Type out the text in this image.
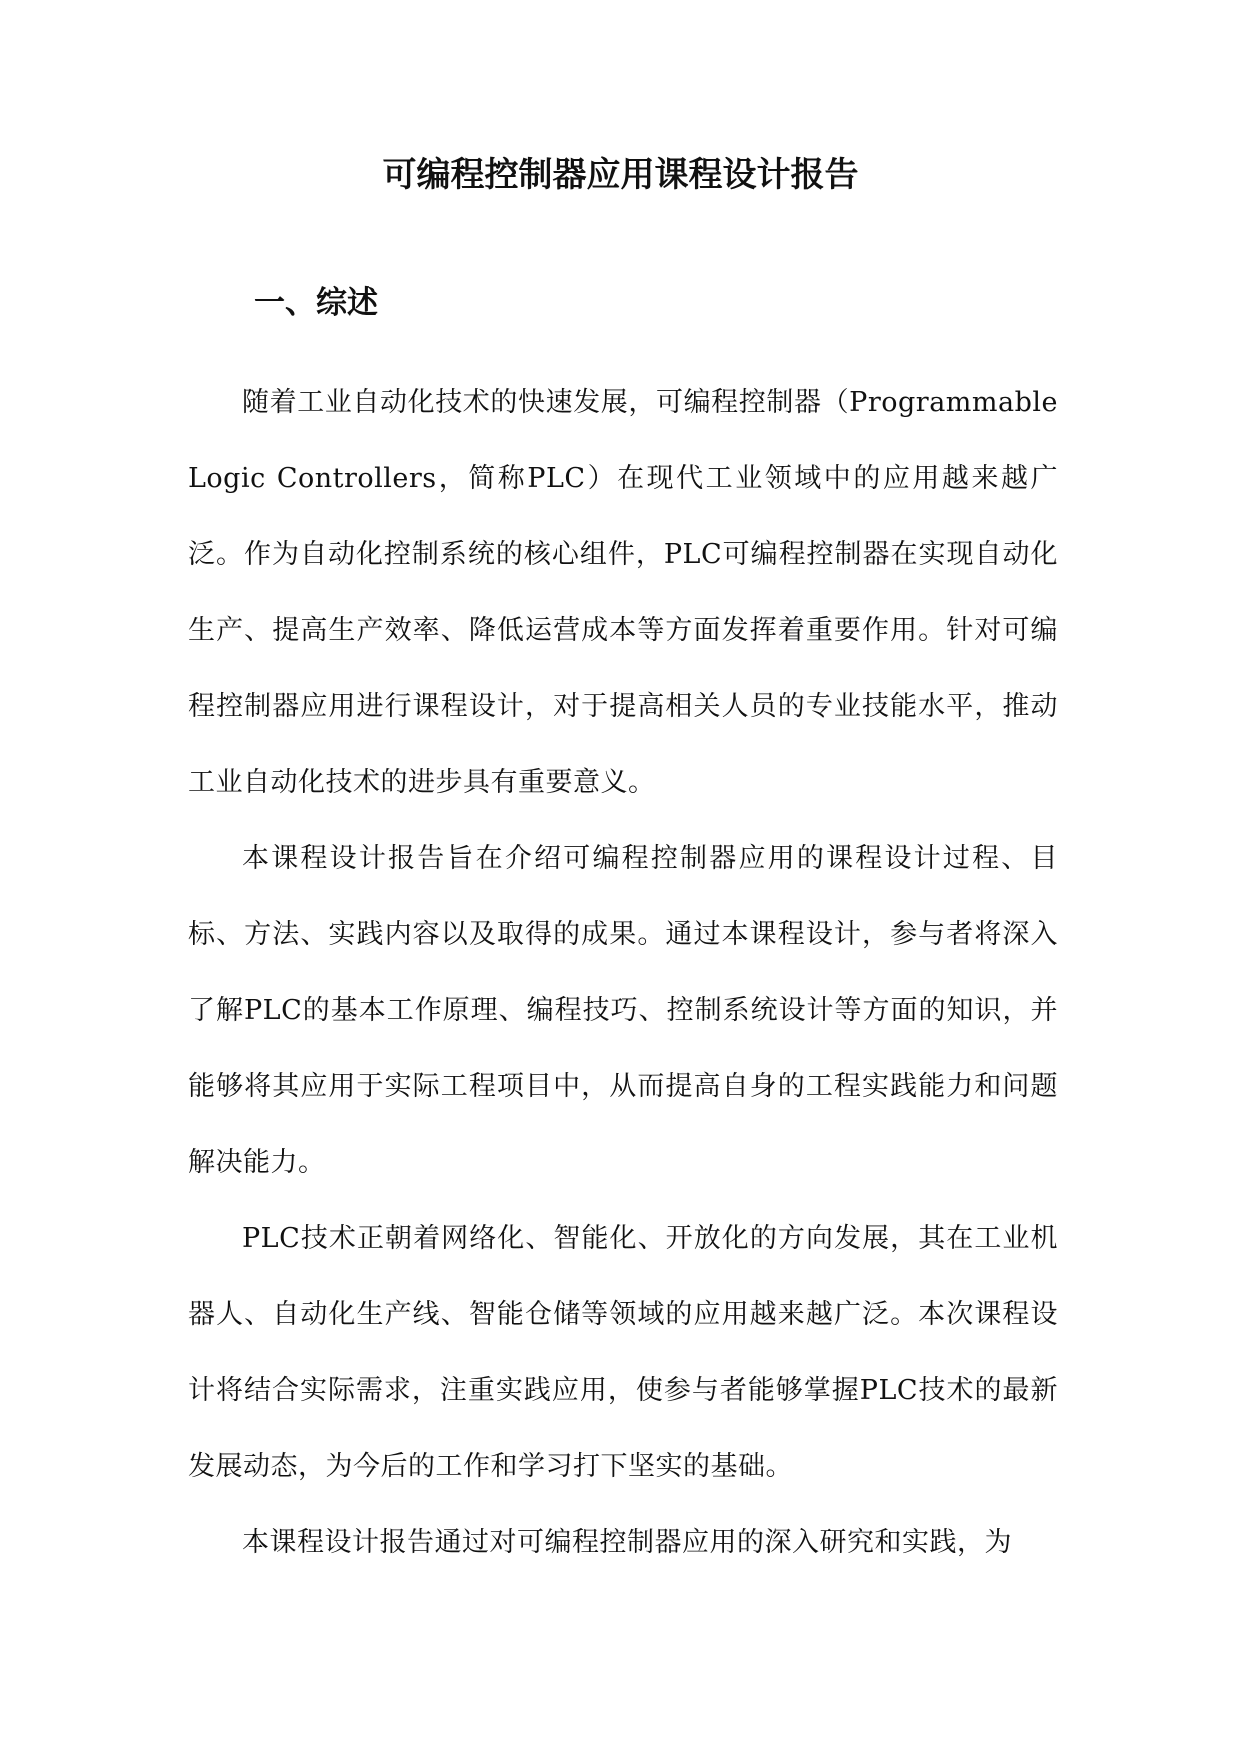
可编程控制器应用课程设计报告
一、综述

随着工业自动化技术的快速发展，可编程控制器（Programmable Logic Controllers，简称PLC）在现代工业领域中的应用越来越广泛。作为自动化控制系统的核心组件，PLC可编程控制器在实现自动化生产、提高生产效率、降低运营成本等方面发挥着重要作用。针对可编程控制器应用进行课程设计，对于提高相关人员的专业技能水平，推动工业自动化技术的进步具有重要意义。

本课程设计报告旨在介绍可编程控制器应用的课程设计过程、目标、方法、实践内容以及取得的成果。通过本课程设计，参与者将深入了解PLC的基本工作原理、编程技巧、控制系统设计等方面的知识，并能够将其应用于实际工程项目中，从而提高自身的工程实践能力和问题解决能力。

PLC技术正朝着网络化、智能化、开放化的方向发展，其在工业机器人、自动化生产线、智能仓储等领域的应用越来越广泛。本次课程设计将结合实际需求，注重实践应用，使参与者能够掌握PLC技术的最新发展动态，为今后的工作和学习打下坚实的基础。

本课程设计报告通过对可编程控制器应用的深入研究和实践，为
